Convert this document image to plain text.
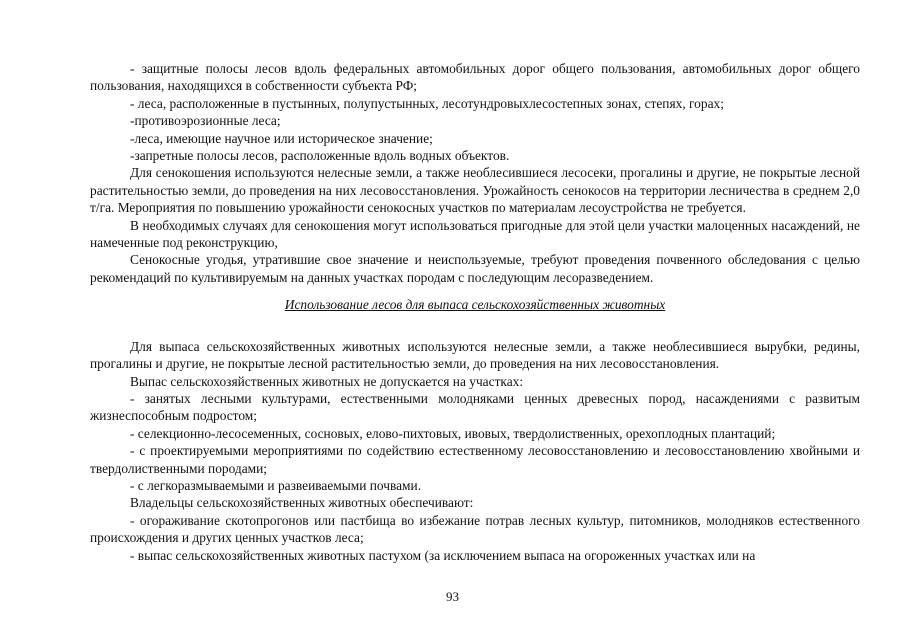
- защитные полосы лесов вдоль федеральных автомобильных дорог общего пользования, автомобильных дорог общего пользования, находящихся в собственности субъекта РФ;

- леса, расположенные в пустынных, полупустынных, лесотундровыхлесостепных зонах, степях, горах;

-противоэрозионные леса;

-леса, имеющие научное или историческое значение;

-запретные полосы лесов, расположенные вдоль водных объектов.

Для сенокошения используются нелесные земли, а также необлесившиеся лесосеки, прогалины и другие, не покрытые лесной растительностью земли, до проведения на них лесовосстановления. Урожайность сенокосов на территории лесничества в среднем 2,0 т/га. Мероприятия по повышению урожайности сенокосных участков по материалам лесоустройства не требуется.

В необходимых случаях для сенокошения могут использоваться пригодные для этой цели участки малоценных насаждений, не намеченные под реконструкцию,

Сенокосные угодья, утратившие свое значение и неиспользуемые, требуют проведения почвенного обследования с целью рекомендаций по культивируемым на данных участках породам с последующим лесоразведением.

Использование лесов для выпаса сельскохозяйственных животных

Для выпаса сельскохозяйственных животных используются нелесные земли, а также необлесившиеся вырубки, редины, прогалины и другие, не покрытые лесной растительностью земли, до проведения на них лесовосстановления.

Выпас сельскохозяйственных животных не допускается на участках:

- занятых лесными культурами, естественными молодняками ценных древесных пород, насаждениями с развитым жизнеспособным подростом;

- селекционно-лесосеменных, сосновых, елово-пихтовых, ивовых, твердолиственных, орехоплодных плантаций;

- с проектируемыми мероприятиями по содействию естественному лесовосстановлению и лесовосстановлению хвойными и твердолиственными породами;

- с легкоразмываемыми и развеиваемыми почвами.

Владельцы сельскохозяйственных животных обеспечивают:

- огораживание скотопрогонов или пастбища во избежание потрав лесных культур, питомников, молодняков естественного происхождения и других ценных участков леса;

- выпас сельскохозяйственных животных пастухом (за исключением выпаса на огороженных участках или на

93
